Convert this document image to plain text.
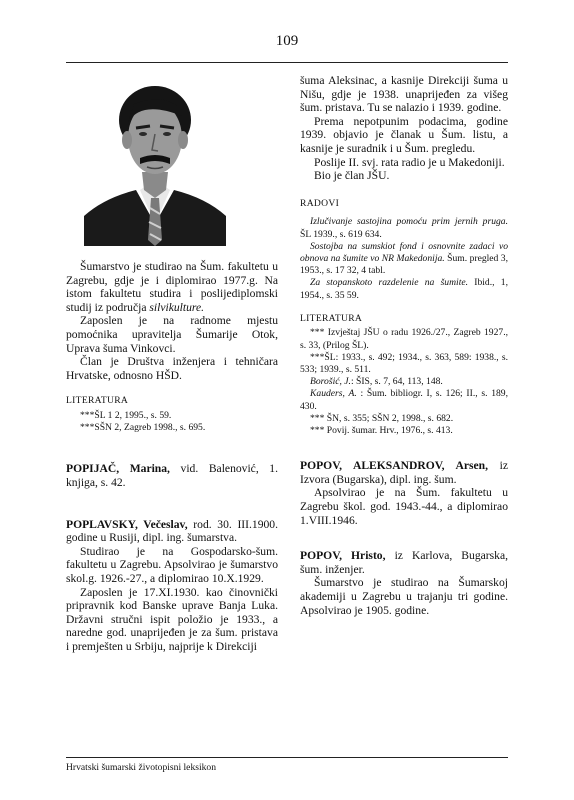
109

Šumarstvo je studirao na Šum. fakultetu u Zagrebu, gdje je i diplomirao 1977.g. Na istom fakultetu studira i poslijediplomski studij iz područja silvikulture.

Zaposlen je na radnome mjestu pomoćnika upravitelja Šumarije Otok, Uprava šuma Vinkovci.

Član je Društva inženjera i tehničara Hrvatske, odnosno HŠD.

LITERATURA

***ŠL 1 2, 1995., s. 59.

***SŠN 2, Zagreb 1998., s. 695.

POPIJAČ, Marina, vid. Balenović, 1. knjiga, s. 42.

POPLAVSKY, Večeslav, rod. 30. III.1900. godine u Rusiji, dipl. ing. šumarstva.

Studirao je na Gospodarsko-šum. fakultetu u Zagrebu. Apsolvirao je šumarstvo skol.g. 1926.-27., a diplomirao 10.X.1929.

Zaposlen je 17.XI.1930. kao činovnički pripravnik kod Banske uprave Banja Luka. Državni stručni ispit položio je 1933., a naredne god. unaprijeđen je za šum. pristava i premješten u Srbiju, najprije k Direkciji

šuma Aleksinac, a kasnije Direkciji šuma u Nišu, gdje je 1938. unaprijeđen za višeg šum. pristava. Tu se nalazio i 1939. godine.

Prema nepotpunim podacima, godine 1939. objavio je članak u Šum. listu, a kasnije je suradnik i u Šum. pregledu.

Poslije II. svj. rata radio je u Makedoniji.

Bio je član JŠU.

RADOVI

Izlučivanje sastojina pomoću prim jernih pruga. ŠL 1939., s. 619 634.

Sostojba na sumskiot fond i osnovnite zadaci vo obnova na šumite vo NR Makedonija. Šum. pregled 3, 1953., s. 17 32, 4 tabl.

Za stopanskoto razdelenie na šumite. Ibid., 1, 1954., s. 35 59.

LITERATURA

*** Izvještaj JŠU o radu 1926./27., Zagreb 1927., s. 33, (Prilog ŠL).

***ŠL: 1933., s. 492; 1934., s. 363, 589: 1938., s. 533; 1939., s. 511.

Borošić, J.: ŠIS, s. 7, 64, 113, 148.

Kauders, A. : Šum. bibliogr. I, s. 126; II., s. 189, 430.

*** ŠN, s. 355; SŠN 2, 1998., s. 682.

*** Povij. šumar. Hrv., 1976., s. 413.

POPOV, ALEKSANDROV, Arsen, iz Izvora (Bugarska), dipl. ing. šum.

Apsolvirao je na Šum. fakultetu u Zagrebu škol. god. 1943.-44., a diplomirao 1.VIII.1946.

POPOV, Hristo, iz Karlova, Bugarska, šum. inženjer.

Šumarstvo je studirao na Šumarskoj akademiji u Zagrebu u trajanju tri godine. Apsolvirao je 1905. godine.

Hrvatski šumarski životopisni leksikon
